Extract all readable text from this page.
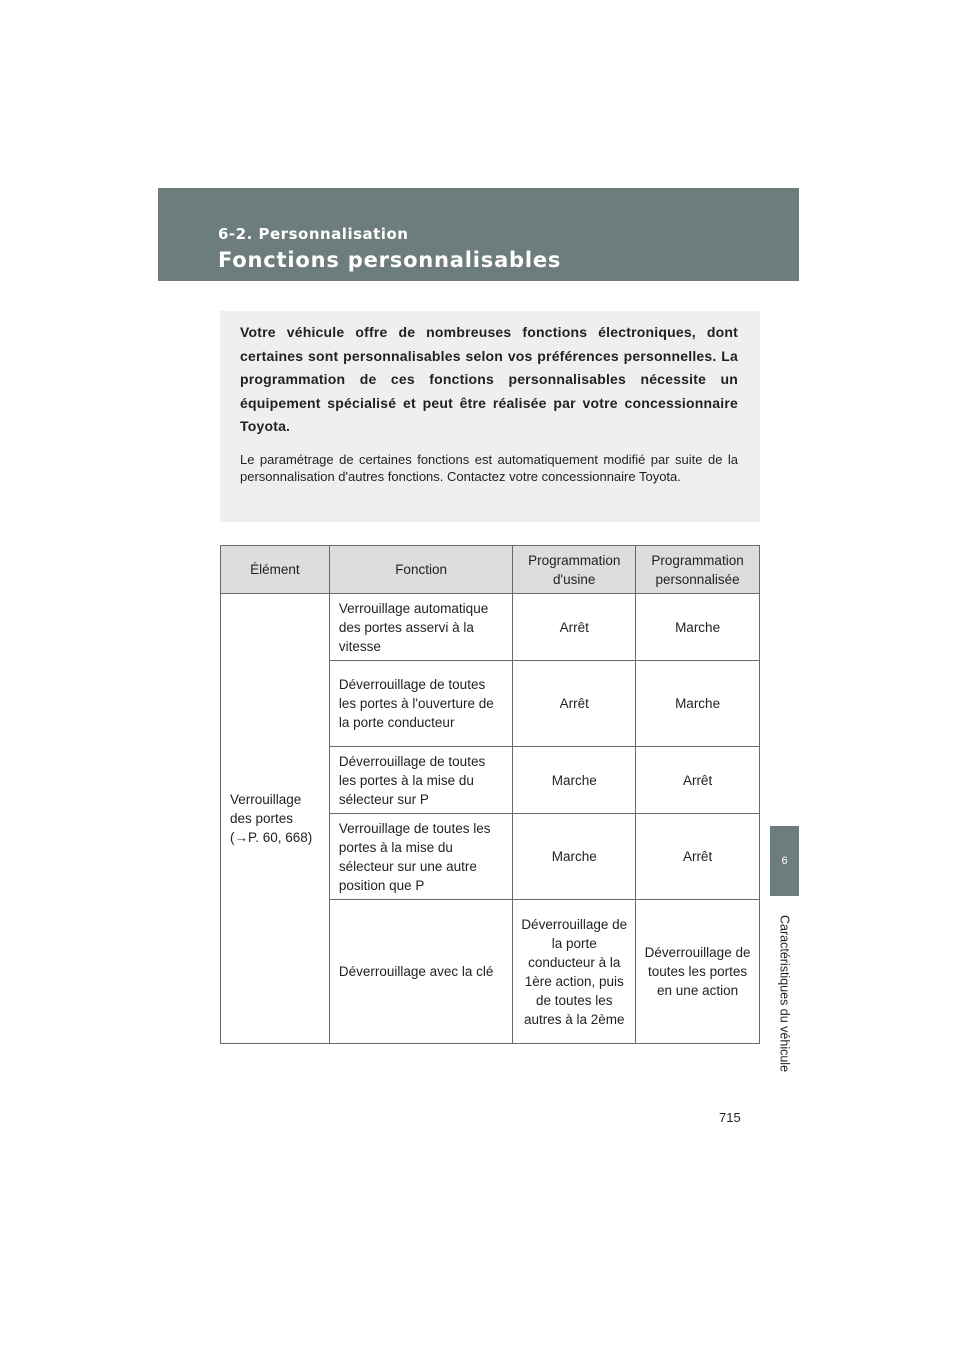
6-2. Personnalisation
Fonctions personnalisables
6
Caractéristiques du véhicule

Votre véhicule offre de nombreuses fonctions électroniques, dont certaines sont personnalisables selon vos préférences personnelles. La programmation de ces fonctions personnalisables nécessite un équipement spécialisé et peut être réalisée par votre concessionnaire Toyota.

Le paramétrage de certaines fonctions est automatiquement modifié par suite de la personnalisation d'autres fonctions. Contactez votre concessionnaire Toyota.

Élément	Fonction	Programmation d'usine	Programmation personnalisée
Verrouillage des portes (→P. 60, 668)	Verrouillage automatique des portes asservi à la vitesse	Arrêt	Marche
	Déverrouillage de toutes les portes à l'ouverture de la porte conducteur	Arrêt	Marche
	Déverrouillage de toutes les portes à la mise du sélecteur sur P	Marche	Arrêt
	Verrouillage de toutes les portes à la mise du sélecteur sur une autre position que P	Marche	Arrêt
	Déverrouillage avec la clé	Déverrouillage de la porte conducteur à la 1ère action, puis de toutes les autres à la 2ème	Déverrouillage de toutes les portes en une action
715
